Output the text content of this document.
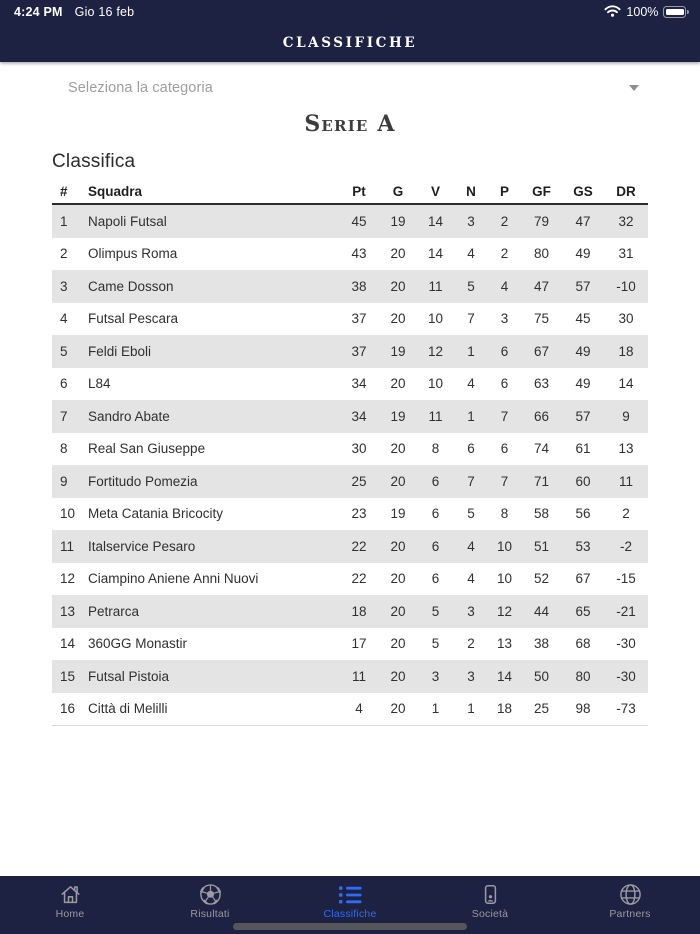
4:24 PM Gio 16 feb	100%
CLASSIFICHE
Seleziona la categoria
Serie A
Classifica
#	Squadra	Pt	G	V	N	P	GF	GS	DR
1	Napoli Futsal	45	19	14	3	2	79	47	32
2	Olimpus Roma	43	20	14	4	2	80	49	31
3	Came Dosson	38	20	11	5	4	47	57	-10
4	Futsal Pescara	37	20	10	7	3	75	45	30
5	Feldi Eboli	37	19	12	1	6	67	49	18
6	L84	34	20	10	4	6	63	49	14
7	Sandro Abate	34	19	11	1	7	66	57	9
8	Real San Giuseppe	30	20	8	6	6	74	61	13
9	Fortitudo Pomezia	25	20	6	7	7	71	60	11
10 Meta Catania Bricocity	23	19	6	5	8	58	56	2
11	Italservice Pesaro	22	20	6	4	10	51	53	-2
12 Ciampino Aniene Anni Nuovi	22	20	6	4	10	52	67	-15
13 Petrarca	18	20	5	3	12	44	65	-21
14 360GG Monastir	17	20	5	2	13	38	68	-30
15 Futsal Pistoia	11	20	3	3	14	50	80	-30
16 Città di Melilli	4	20	1	1	18	25	98	-73
Home	Risultati	Classifiche	Società	Partners
